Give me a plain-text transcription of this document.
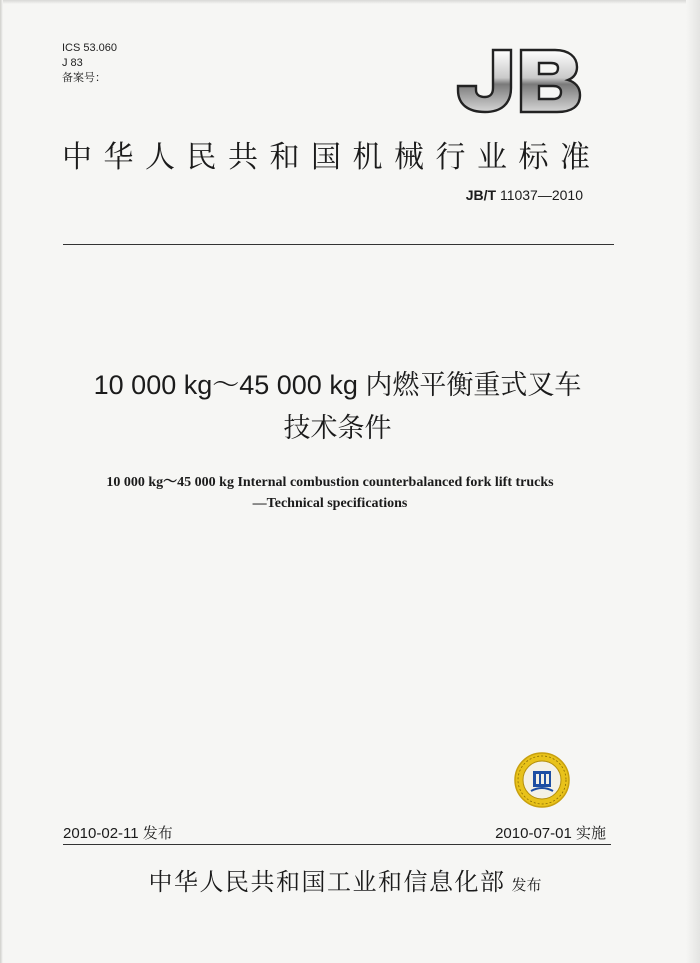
ICS 53.060
J 83
备案号：
中华人民共和国机械行业标准
JB/T 11037—2010
10 000 kg～45 000 kg 内燃平衡重式叉车
技术条件
10 000 kg～45 000 kg Internal combustion counterbalanced fork lift trucks
—Technical specifications
2010-02-11 发布	2010-07-01 实施
中华人民共和国工业和信息化部 发布
